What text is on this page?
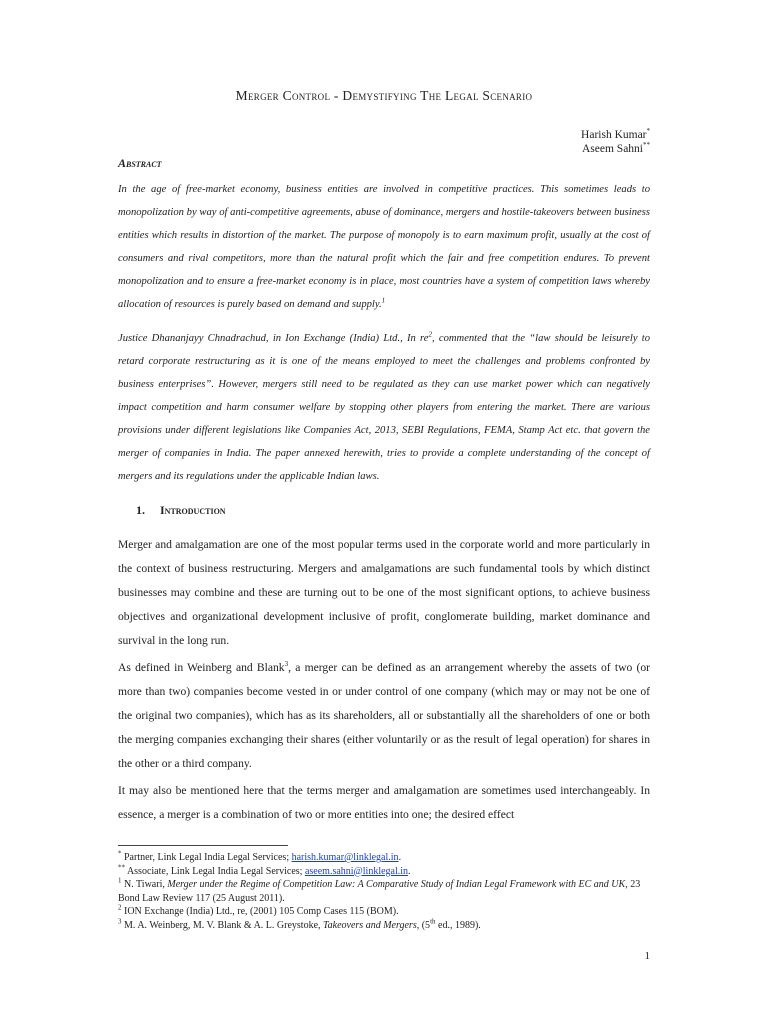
Merger Control - Demystifying The Legal Scenario
Harish Kumar*
Aseem Sahni**
Abstract
In the age of free-market economy, business entities are involved in competitive practices. This sometimes leads to monopolization by way of anti-competitive agreements, abuse of dominance, mergers and hostile-takeovers between business entities which results in distortion of the market. The purpose of monopoly is to earn maximum profit, usually at the cost of consumers and rival competitors, more than the natural profit which the fair and free competition endures. To prevent monopolization and to ensure a free-market economy is in place, most countries have a system of competition laws whereby allocation of resources is purely based on demand and supply.$^1$
Justice Dhananjayy Chnadrachud, in Ion Exchange (India) Ltd., In $re^2$, commented that the “law should be leisurely to retard corporate restructuring as it is one of the means employed to meet the challenges and problems confronted by business enterprises”. However, mergers still need to be regulated as they can use market power which can negatively impact competition and harm consumer welfare by stopping other players from entering the market. There are various provisions under different legislations like Companies Act, 2013, SEBI Regulations, FEMA, Stamp Act etc. that govern the merger of companies in India. The paper annexed herewith, tries to provide a complete understanding of the concept of mergers and its regulations under the applicable Indian laws.
1. Introduction
Merger and amalgamation are one of the most popular terms used in the corporate world and more particularly in the context of business restructuring. Mergers and amalgamations are such fundamental tools by which distinct businesses may combine and these are turning out to be one of the most significant options, to achieve business objectives and organizational development inclusive of profit, conglomerate building, market dominance and survival in the long run.
As defined in Weinberg and Blank$^3$, a merger can be defined as an arrangement whereby the assets of two (or more than two) companies become vested in or under control of one company (which may or may not be one of the original two companies), which has as its shareholders, all or substantially all the shareholders of one or both the merging companies exchanging their shares (either voluntarily or as the result of legal operation) for shares in the other or a third company.
It may also be mentioned here that the terms merger and amalgamation are sometimes used interchangeably. In essence, a merger is a combination of two or more entities into one; the desired effect

* Partner, Link Legal India Legal Services; harish.kumar@linklegal.in.

** Associate, Link Legal India Legal Services; aseem.sahni@linklegal.in.

$^1$ N. Tiwari, Merger under the Regime of Competition Law: A Comparative Study of Indian Legal Framework with EC and UK, 23 Bond Law Review 117 (25 August 2011).

$^2$ ION Exchange (India) Ltd., re, (2001) 105 Comp Cases 115 (BOM).

$^3$ M. A. Weinberg, M. V. Blank & A. L. Greystoke, Takeovers and Mergers, (5th ed., 1989).

1
